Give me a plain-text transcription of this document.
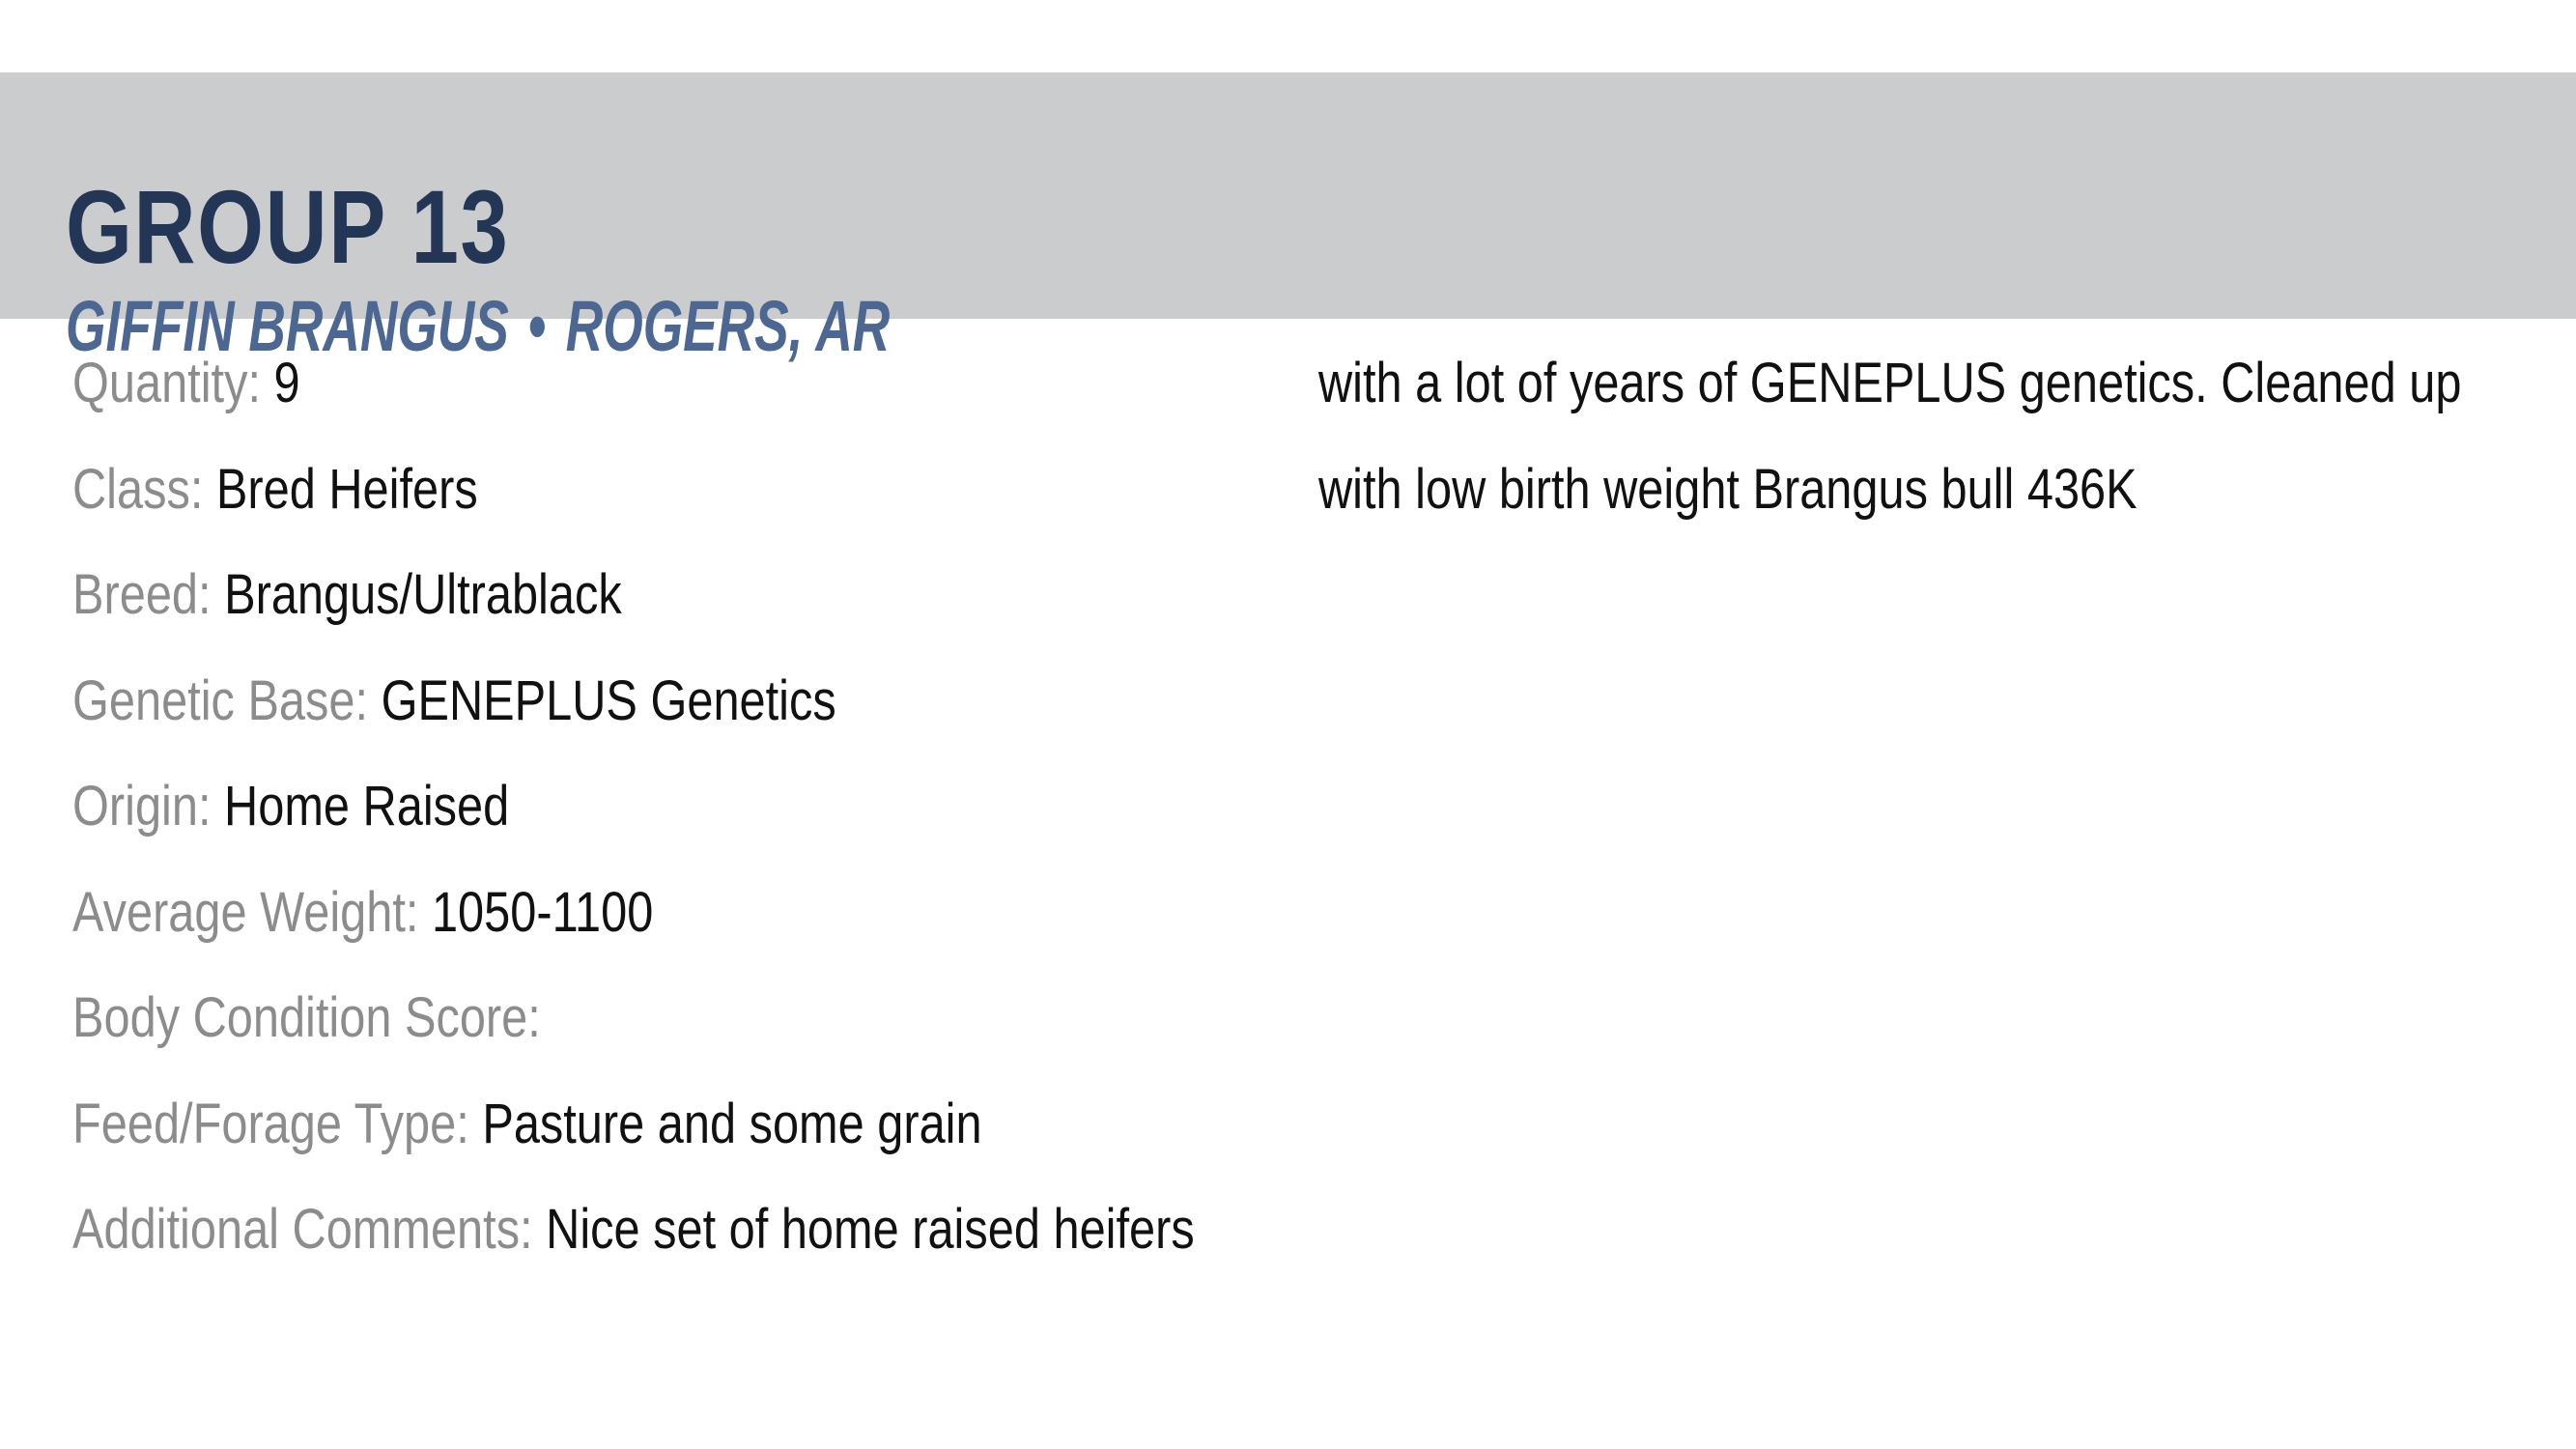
GROUP 13
GIFFIN BRANGUS • ROGERS, AR
Quantity: 9
Class: Bred Heifers
Breed: Brangus/Ultrablack
Genetic Base: GENEPLUS Genetics
Origin: Home Raised
Average Weight: 1050-1100
Body Condition Score:
Feed/Forage Type: Pasture and some grain
Additional Comments: Nice set of home raised heifers
with a lot of years of GENEPLUS genetics. Cleaned up
with low birth weight Brangus bull 436K
